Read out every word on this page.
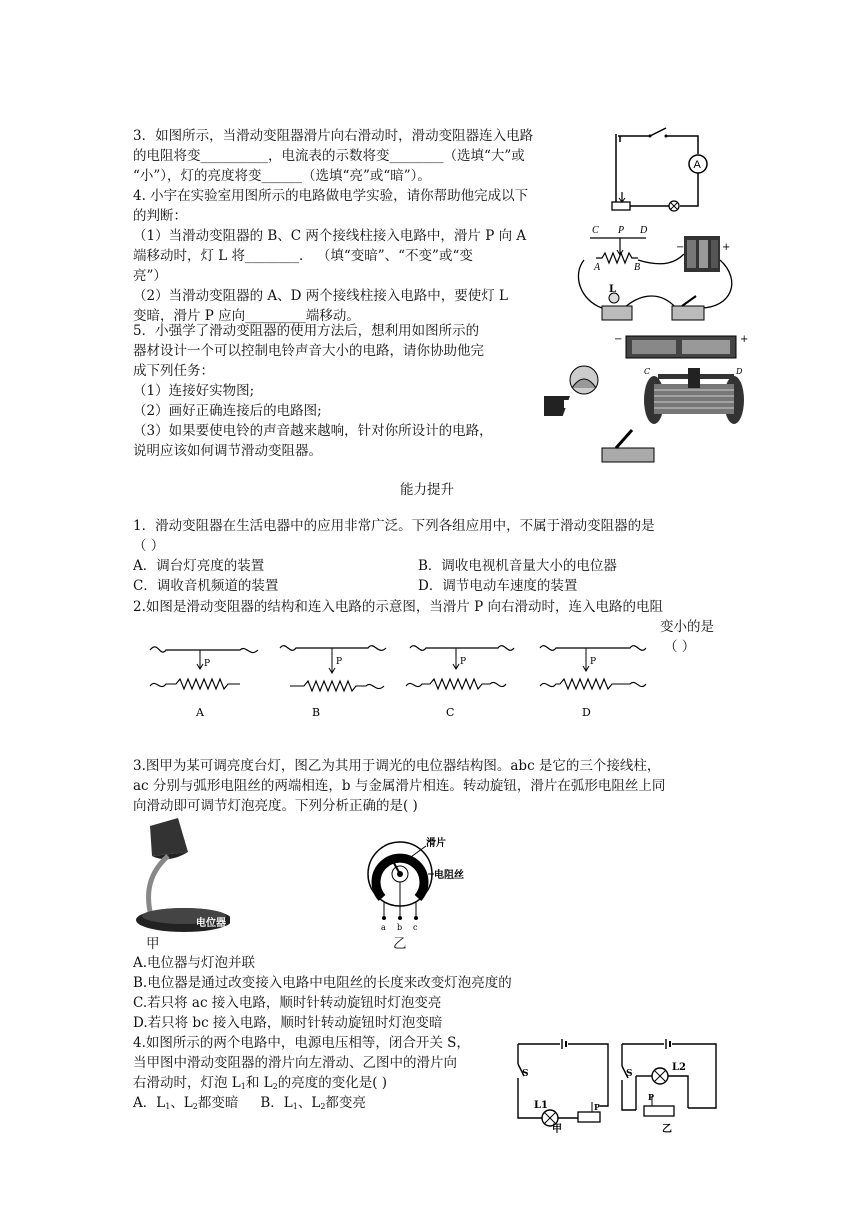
3．如图所示，当滑动变阻器滑片向右滑动时，滑动变阻器连入电路
的电阻将变__________，电流表的示数将变________（选填“大”或
“小”），灯的亮度将变______（选填“亮”或“暗”）。
A
4. 小宇在实验室用图所示的电路做电学实验，请你帮助他完成以下
的判断：
（1）当滑动变阻器的 B、C 两个接线柱接入电路中，滑片 P 向 A
端移动时，灯 L 将________． （填“变暗”、“不变”或“变
亮”）
（2）当滑动变阻器的 A、D 两个接线柱接入电路中，要使灯 L
变暗，滑片 P 应向_________端移动。
C P D
A	B
−	+
L
5．小强学了滑动变阻器的使用方法后，想利用如图所示的
器材设计一个可以控制电铃声音大小的电路，请你协助他完
成下列任务：
（1）连接好实物图;
（2）画好正确连接后的电路图;
（3）如果要使电铃的声音越来越响，针对你所设计的电路，
说明应该如何调节滑动变阻器。
−	+
C	D
能力提升
1．滑动变阻器在生活电器中的应用非常广泛。下列各组应用中，不属于滑动变阻器的是
（ ）
A．调台灯亮度的装置	B．调收电视机音量大小的电位器
C．调收音机频道的装置	D．调节电动车速度的装置
2.如图是滑动变阻器的结构和连入电路的示意图，当滑片 P 向右滑动时，连入电路的电阻
变小的是
（ ）
P
A
P
B
P
C
P
D
3.图甲为某可调亮度台灯，图乙为其用于调光的电位器结构图。abc 是它的三个接线柱，
ac 分别与弧形电阻丝的两端相连，b 与金属滑片相连。转动旋钮，滑片在弧形电阻丝上同
向滑动即可调节灯泡亮度。下列分析正确的是( )
电位器
甲
滑片
电阻丝
a b c
乙
A.电位器与灯泡并联
B.电位器是通过改变接入电路中电阻丝的长度来改变灯泡亮度的
C.若只将 ac 接入电路，顺时针转动旋钮时灯泡变亮
D.若只将 bc 接入电路，顺时针转动旋钮时灯泡变暗
4.如图所示的两个电路中，电源电压相等，闭合开关 S，
当甲图中滑动变阻器的滑片向左滑动、乙图中的滑片向
右滑动时，灯泡 $L_1$和 $L_2$的亮度的变化是( )
A．$L_1$、$L_2$都变暗 B．$L_1$、$L_2$都变亮
S
L1	P
甲
S
L2
P
乙
